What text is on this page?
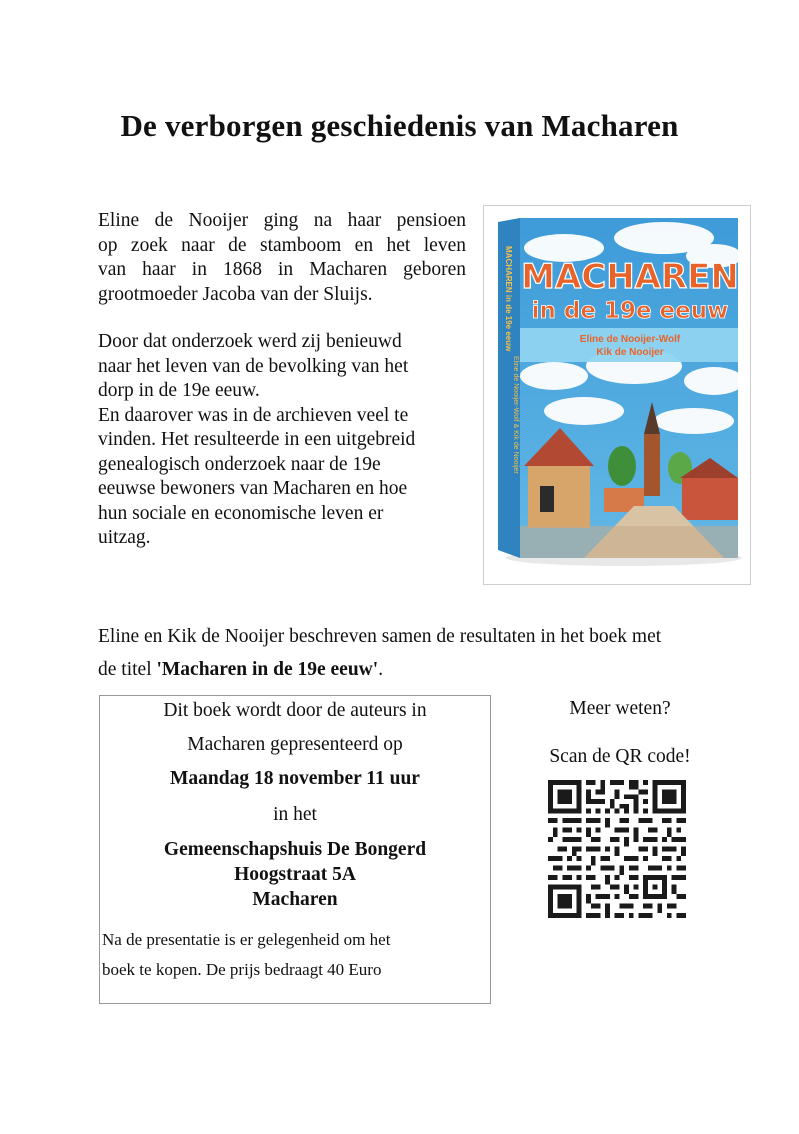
De verborgen geschiedenis van Macharen
Eline de Nooijer ging na haar pensioen
op zoek naar de stamboom en het leven
van haar in 1868 in Macharen geboren
grootmoeder Jacoba van der Sluijs.
Door dat onderzoek werd zij benieuwd
naar het leven van de bevolking van het
dorp in de 19e eeuw.
En daarover was in de archieven veel te
vinden. Het resulteerde in een uitgebreid
genealogisch onderzoek naar de 19e
eeuwse bewoners van Macharen en hoe
hun sociale en economische leven er
uitzag.
MACHAREN in de 19e eeuw
Eline de Nooijer-Wolf & Kik de Nooijer
MACHAREN
in de 19e eeuw
Eline de Nooijer-Wolf
Kik de Nooijer
Eline en Kik de Nooijer beschreven samen de resultaten in het boek met
de titel 'Macharen in de 19e eeuw'.
Dit boek wordt door de auteurs in
Macharen gepresenteerd op
Maandag 18 november 11 uur
in het
Gemeenschapshuis De Bongerd
Hoogstraat 5A
Macharen
Na de presentatie is er gelegenheid om het
boek te kopen. De prijs bedraagt 40 Euro
Meer weten?
Scan de QR code!
